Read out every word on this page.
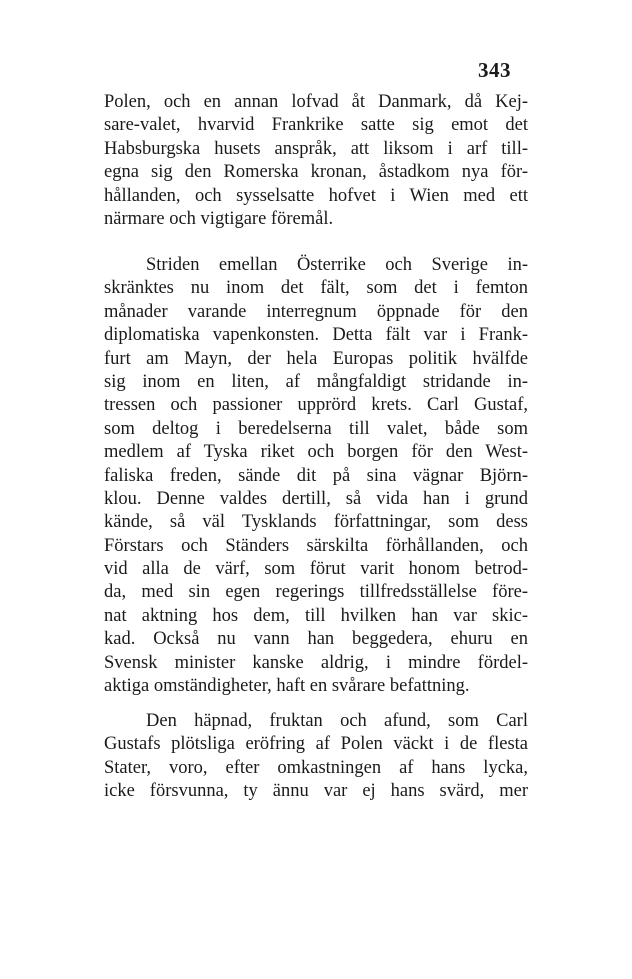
343
Polen, och en annan lofvad åt Danmark, då Kej-
sare-valet, hvarvid Frankrike satte sig emot det
Habsburgska husets anspråk, att liksom i arf till-
egna sig den Romerska kronan, åstadkom nya för-
hållanden, och sysselsatte hofvet i Wien med ett
närmare och vigtigare föremål.
Striden emellan Österrike och Sverige in-
skränktes nu inom det fält, som det i femton
månader varande interregnum öppnade för den
diplomatiska vapenkonsten. Detta fält var i Frank-
furt am Mayn, der hela Europas politik hvälfde
sig inom en liten, af mångfaldigt stridande in-
tressen och passioner upprörd krets. Carl Gustaf,
som deltog i beredelserna till valet, både som
medlem af Tyska riket och borgen för den West-
faliska freden, sände dit på sina vägnar Björn-
klou. Denne valdes dertill, så vida han i grund
kände, så väl Tysklands författningar, som dess
Förstars och Ständers särskilta förhållanden, och
vid alla de värf, som förut varit honom betrod-
da, med sin egen regerings tillfredsställelse före-
nat aktning hos dem, till hvilken han var skic-
kad. Också nu vann han beggedera, ehuru en
Svensk minister kanske aldrig, i mindre fördel-
aktiga omständigheter, haft en svårare befattning.
Den häpnad, fruktan och afund, som Carl
Gustafs plötsliga eröfring af Polen väckt i de flesta
Stater, voro, efter omkastningen af hans lycka,
icke försvunna, ty ännu var ej hans svärd, mer
